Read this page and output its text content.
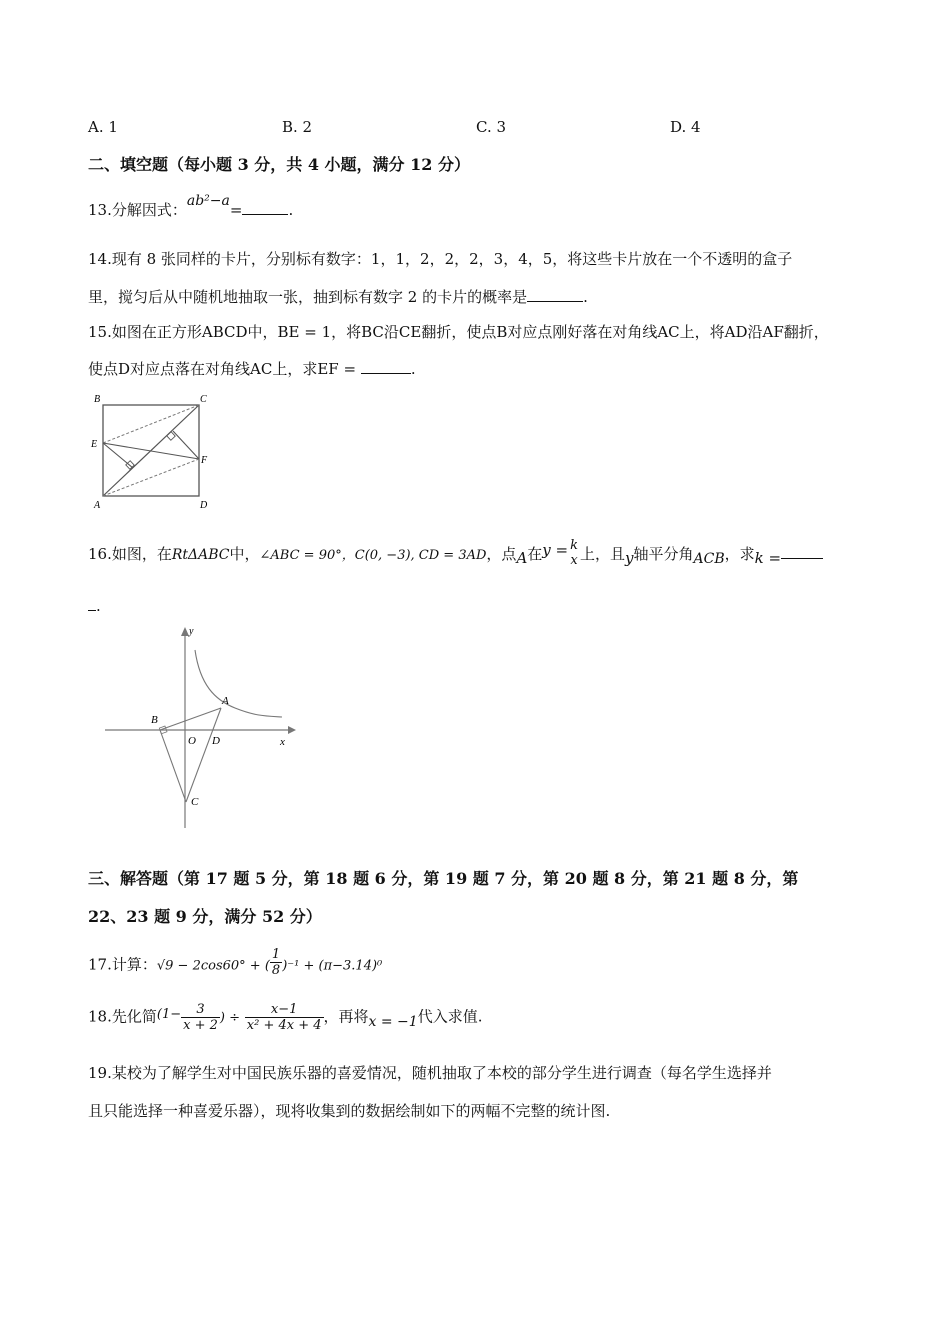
A. 1	B. 2	C. 3	D. 4
二、填空题（每小题 3 分，共 4 小题，满分 12 分）
13.分解因式：ab²−a=	.
14.现有 8 张同样的卡片，分别标有数字：1，1，2，2，2，3，4，5，将这些卡片放在一个不透明的盒子
里，搅匀后从中随机地抽取一张，抽到标有数字 2 的卡片的概率是	.
15.如图在正方形ABCD中，BE = 1，将BC沿CE翻折，使点B对应点刚好落在对角线AC上，将AD沿AF翻折，
使点D对应点落在对角线AC上，求EF =	.
B	C
E
F
A	D
16.如图，在RtΔABC中，∠ABC = 90°，C(0, −3), CD = 3AD，点A在y = k
x 上，且y轴平分角ACB，求k =
.
y
x
A
B
O D
C
三、解答题（第 17 题 5 分，第 18 题 6 分，第 19 题 7 分，第 20 题 8 分，第 21 题 8 分，第
22、23 题 9 分，满分 52 分）
17.计算：√9 − 2cos60° + ( $\frac{1}{8} )^{-1} + (\pi-3.14)^0$
18.先化简($1- \frac{3}{x + 2}$ ) ÷ $\frac{x-1}{\text{x² + 4x + 4}}$ ，再将x = −1代入求值.
19.某校为了解学生对中国民族乐器的喜爱情况，随机抽取了本校的部分学生进行调查（每名学生选择并
且只能选择一种喜爱乐器），现将收集到的数据绘制如下的两幅不完整的统计图.
